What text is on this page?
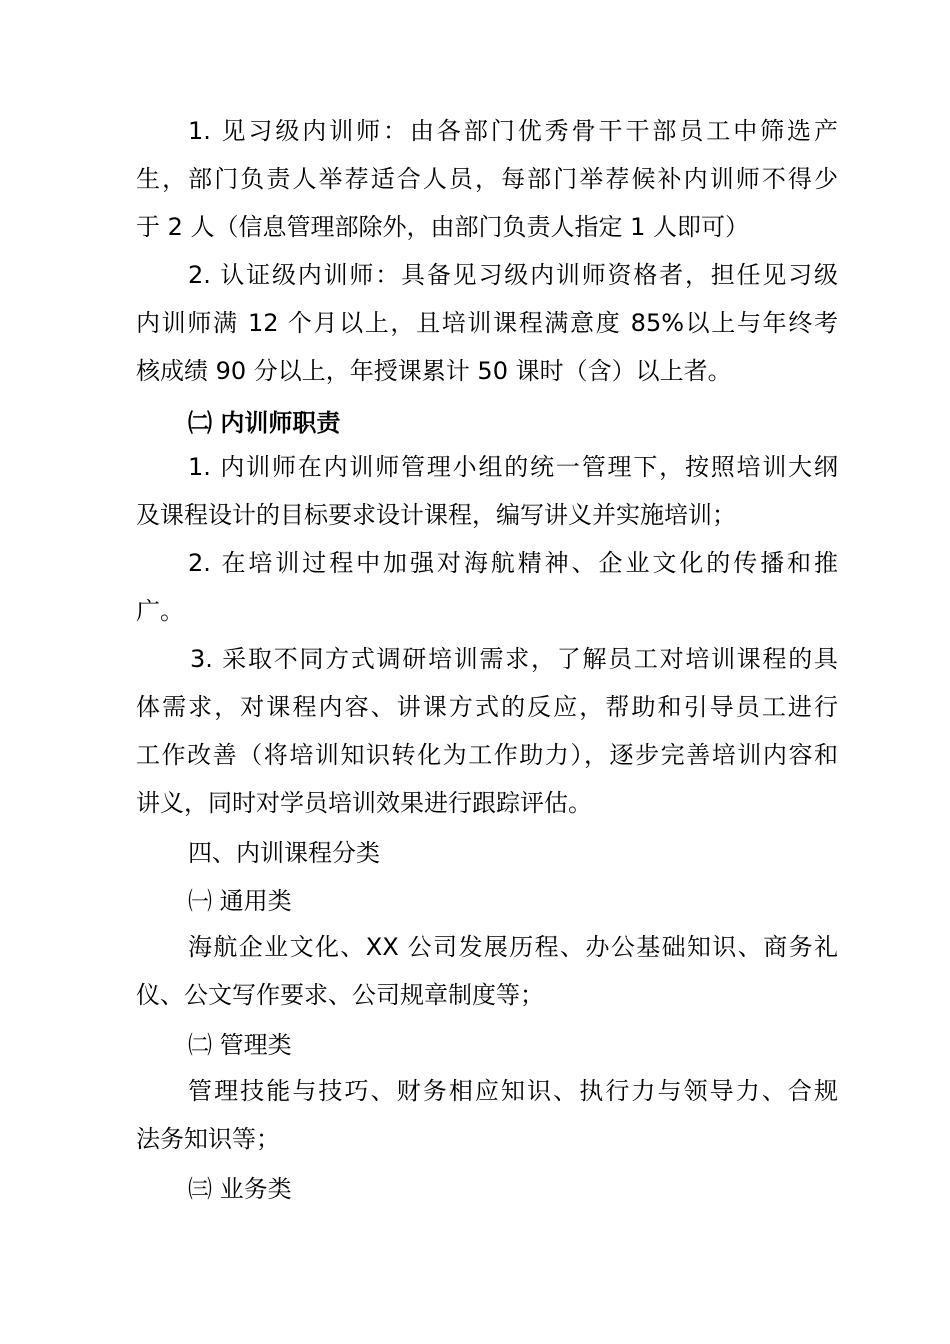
1. 见习级内训师：由各部门优秀骨干干部员工中筛选产
生，部门负责人举荐适合人员，每部门举荐候补内训师不得少
于 2 人（信息管理部除外，由部门负责人指定 1 人即可）
2. 认证级内训师：具备见习级内训师资格者，担任见习级
内训师满 12 个月以上，且培训课程满意度 85%以上与年终考
核成绩 90 分以上，年授课累计 50 课时（含）以上者。
㈡ 内训师职责
1. 内训师在内训师管理小组的统一管理下，按照培训大纲
及课程设计的目标要求设计课程，编写讲义并实施培训；
2. 在培训过程中加强对海航精神、企业文化的传播和推
广。
3. 采取不同方式调研培训需求，了解员工对培训课程的具
体需求，对课程内容、讲课方式的反应，帮助和引导员工进行
工作改善（将培训知识转化为工作助力），逐步完善培训内容和
讲义，同时对学员培训效果进行跟踪评估。
四、内训课程分类
㈠ 通用类
海航企业文化、XX 公司发展历程、办公基础知识、商务礼
仪、公文写作要求、公司规章制度等；
㈡ 管理类
管理技能与技巧、财务相应知识、执行力与领导力、合规
法务知识等；
㈢ 业务类
